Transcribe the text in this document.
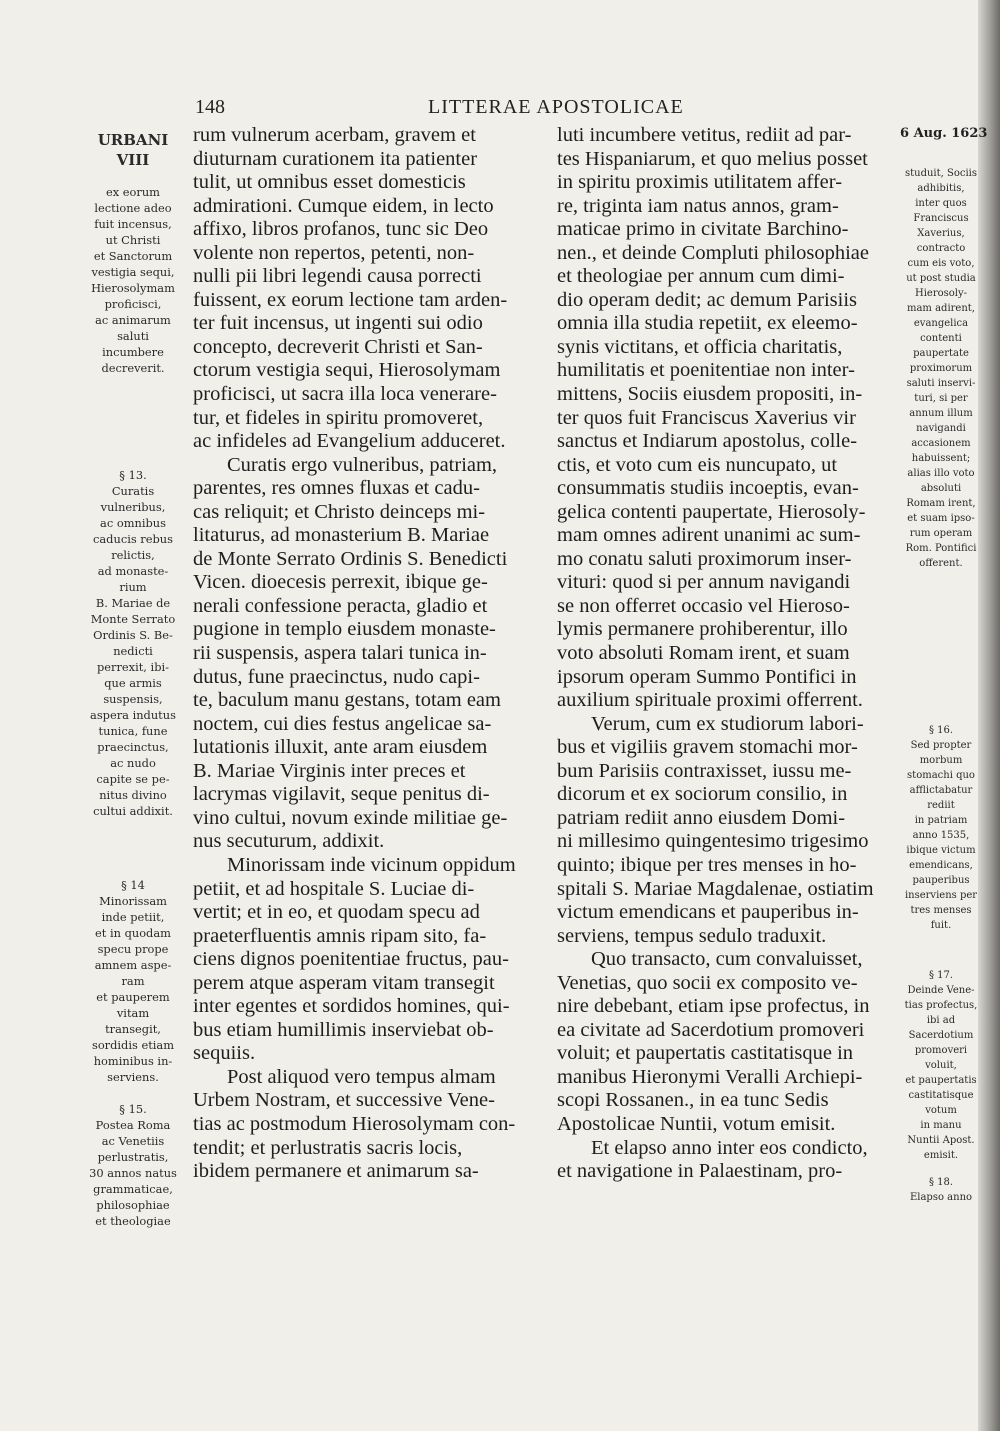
148	LITTERAE APOSTOLICAE
6 Aug. 1623
rum vulnerum acerbam, gravem et
diuturnam curationem ita patienter
tulit, ut omnibus esset domesticis
admirationi. Cumque eidem, in lecto
affixo, libros profanos, tunc sic Deo
volente non repertos, petenti, non-
nulli pii libri legendi causa porrecti
fuissent, ex eorum lectione tam arden-
ter fuit incensus, ut ingenti sui odio
concepto, decreverit Christi et San-
ctorum vestigia sequi, Hierosolymam
proficisci, ut sacra illa loca venerare-
tur, et fideles in spiritu promoveret,
ac infideles ad Evangelium adduceret.
Curatis ergo vulneribus, patriam,
parentes, res omnes fluxas et cadu-
cas reliquit; et Christo deinceps mi-
litaturus, ad monasterium B. Mariae
de Monte Serrato Ordinis S. Benedicti
Vicen. dioecesis perrexit, ibique ge-
nerali confessione peracta, gladio et
pugione in templo eiusdem monaste-
rii suspensis, aspera talari tunica in-
dutus, fune praecinctus, nudo capi-
te, baculum manu gestans, totam eam
noctem, cui dies festus angelicae sa-
lutationis illuxit, ante aram eiusdem
B. Mariae Virginis inter preces et
lacrymas vigilavit, seque penitus di-
vino cultui, novum exinde militiae ge-
nus secuturum, addixit.
Minorissam inde vicinum oppidum
petiit, et ad hospitale S. Luciae di-
vertit; et in eo, et quodam specu ad
praeterfluentis amnis ripam sito, fa-
ciens dignos poenitentiae fructus, pau-
perem atque asperam vitam transegit
inter egentes et sordidos homines, qui-
bus etiam humillimis inserviebat ob-
sequiis.
Post aliquod vero tempus almam
Urbem Nostram, et successive Vene-
tias ac postmodum Hierosolymam con-
tendit; et perlustratis sacris locis,
ibidem permanere et animarum sa-
luti incumbere vetitus, rediit ad par-
tes Hispaniarum, et quo melius posset
in spiritu proximis utilitatem affer-
re, triginta iam natus annos, gram-
maticae primo in civitate Barchino-
nen., et deinde Compluti philosophiae
et theologiae per annum cum dimi-
dio operam dedit; ac demum Parisiis
omnia illa studia repetiit, ex eleemo-
synis victitans, et officia charitatis,
humilitatis et poenitentiae non inter-
mittens, Sociis eiusdem propositi, in-
ter quos fuit Franciscus Xaverius vir
sanctus et Indiarum apostolus, colle-
ctis, et voto cum eis nuncupato, ut
consummatis studiis incoeptis, evan-
gelica contenti paupertate, Hierosoly-
mam omnes adirent unanimi ac sum-
mo conatu saluti proximorum inser-
vituri: quod si per annum navigandi
se non offerret occasio vel Hieroso-
lymis permanere prohiberentur, illo
voto absoluti Romam irent, et suam
ipsorum operam Summo Pontifici in
auxilium spirituale proximi offerrent.
Verum, cum ex studiorum labori-
bus et vigiliis gravem stomachi mor-
bum Parisiis contraxisset, iussu me-
dicorum et ex sociorum consilio, in
patriam rediit anno eiusdem Domi-
ni millesimo quingentesimo trigesimo
quinto; ibique per tres menses in ho-
spitali S. Mariae Magdalenae, ostiatim
victum emendicans et pauperibus in-
serviens, tempus sedulo traduxit.
Quo transacto, cum convaluisset,
Venetias, quo socii ex composito ve-
nire debebant, etiam ipse profectus, in
ea civitate ad Sacerdotium promoveri
voluit; et paupertatis castitatisque in
manibus Hieronymi Veralli Archiepi-
scopi Rossanen., in ea tunc Sedis
Apostolicae Nuntii, votum emisit.
Et elapso anno inter eos condicto,
et navigatione in Palaestinam, pro-
URBANI
VIII
ex eorum
lectione adeo
fuit incensus,
ut Christi
et Sanctorum
vestigia sequi,
Hierosolymam
proficisci,
ac animarum
saluti
incumbere
decreverit.
§ 13.
Curatis
vulneribus,
ac omnibus
caducis rebus
relictis,
ad monaste-
rium
B. Mariae de
Monte Serrato
Ordinis S. Be-
nedicti
perrexit, ibi-
que armis
suspensis,
aspera indutus
tunica, fune
praecinctus,
ac nudo
capite se pe-
nitus divino
cultui addixit.
§ 14
Minorissam
inde petiit,
et in quodam
specu prope
amnem aspe-
ram
et pauperem
vitam
transegit,
sordidis etiam
hominibus in-
serviens.
§ 15.
Postea Roma
ac Venetiis
perlustratis,
30 annos natus
grammaticae,
philosophiae
et theologiae
studuit, Sociis
adhibitis,
inter quos
Franciscus
Xaverius,
contracto
cum eis voto,
ut post studia
Hierosoly-
mam adirent,
evangelica
contenti
paupertate
proximorum
saluti inservi-
turi, si per
annum illum
navigandi
accasionem
habuissent;
alias illo voto
absoluti
Romam irent,
et suam ipso-
rum operam
Rom. Pontifici
offerent.
§ 16.
Sed propter
morbum
stomachi quo
afflictabatur
rediit
in patriam
anno 1535,
ibique victum
emendicans,
pauperibus
inserviens per
tres menses
fuit.
§ 17.
Deinde Vene-
tias profectus,
ibi ad
Sacerdotium
promoveri
voluit,
et paupertatis
castitatisque
votum
in manu
Nuntii Apost.
emisit.
§ 18.
Elapso anno
